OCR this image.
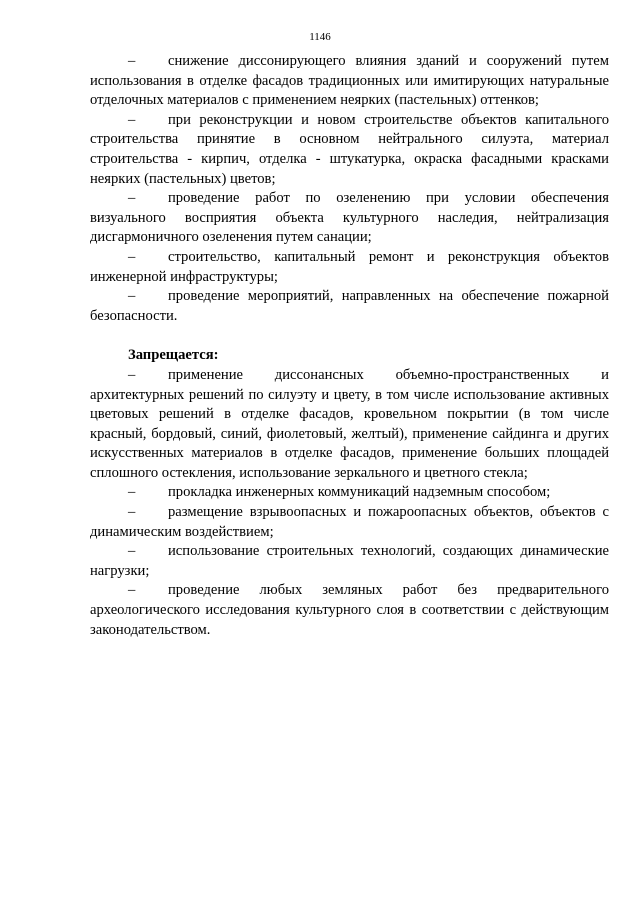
1146

– снижение диссонирующего влияния зданий и сооружений путем использования в отделке фасадов традиционных или имитирующих натуральные отделочных материалов с применением неярких (пастельных) оттенков;

– при реконструкции и новом строительстве объектов капитального строительства принятие в основном нейтрального силуэта, материал строительства - кирпич, отделка - штукатурка, окраска фасадными красками неярких (пастельных) цветов;

– проведение работ по озеленению при условии обеспечения визуального восприятия объекта культурного наследия, нейтрализация дисгармоничного озеленения путем санации;

– строительство, капитальный ремонт и реконструкция объектов инженерной инфраструктуры;

– проведение мероприятий, направленных на обеспечение пожарной безопасности.

Запрещается:

– применение диссонансных объемно-пространственных и архитектурных решений по силуэту и цвету, в том числе использование активных цветовых решений в отделке фасадов, кровельном покрытии (в том числе красный, бордовый, синий, фиолетовый, желтый), применение сайдинга и других искусственных материалов в отделке фасадов, применение больших площадей сплошного остекления, использование зеркального и цветного стекла;

– прокладка инженерных коммуникаций надземным способом;

– размещение взрывоопасных и пожароопасных объектов, объектов с динамическим воздействием;

– использование строительных технологий, создающих динамические нагрузки;

– проведение любых земляных работ без предварительного археологического исследования культурного слоя в соответствии с действующим законодательством.
